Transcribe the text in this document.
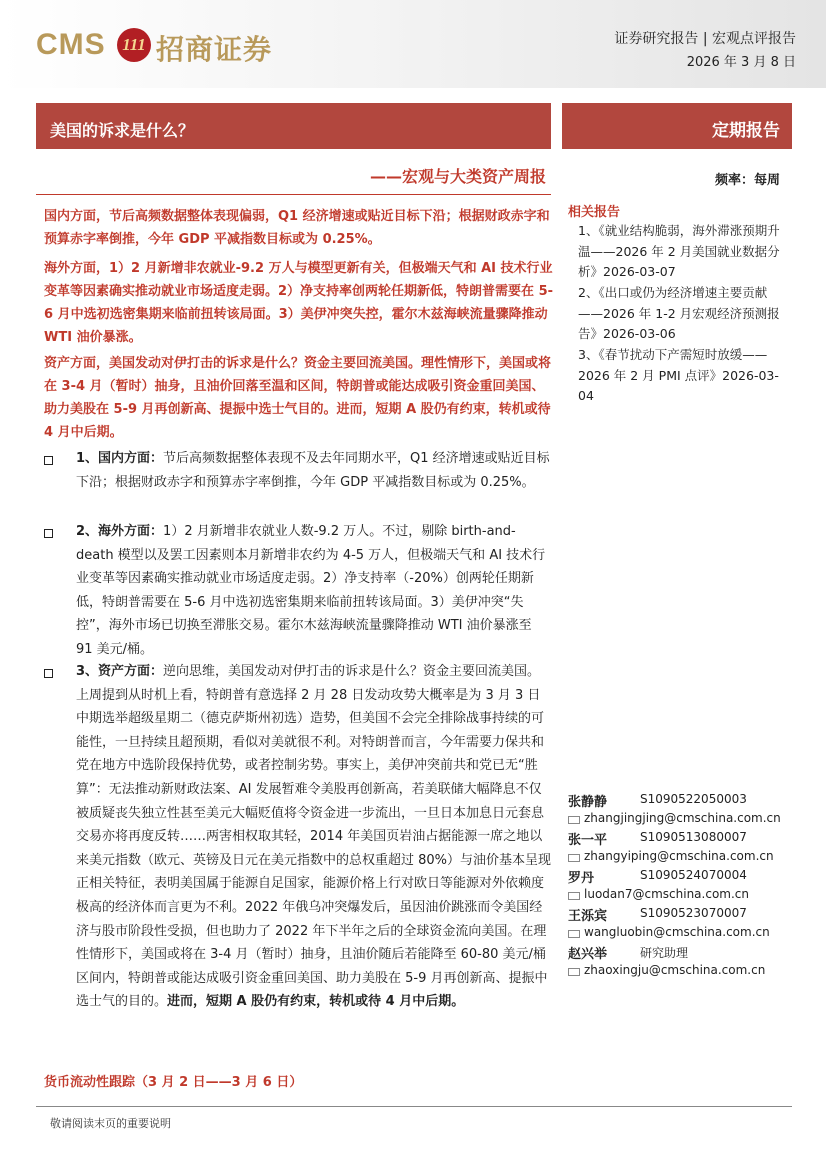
CMS 111 招商证券	证券研究报告 | 宏观点评报告
2026 年 3 月 8 日
美国的诉求是什么？
——宏观与大类资产周报
定期报告
频率：每周

国内方面，节后高频数据整体表现偏弱，Q1 经济增速或贴近目标下沿；根据财政赤字和预算赤字率倒推，今年 GDP 平减指数目标或为 0.25%。

海外方面，1）2 月新增非农就业-9.2 万人与模型更新有关，但极端天气和 AI 技术行业变革等因素确实推动就业市场适度走弱。2）净支持率创两轮任期新低，特朗普需要在 5-6 月中选初选密集期来临前扭转该局面。3）美伊冲突失控，霍尔木兹海峡流量骤降推动 WTI 油价暴涨。

资产方面，美国发动对伊打击的诉求是什么？资金主要回流美国。理性情形下，美国或将在 3-4 月（暂时）抽身，且油价回落至温和区间，特朗普或能达成吸引资金重回美国、助力美股在 5-9 月再创新高、提振中选士气目的。进而，短期 A 股仍有约束，转机或待 4 月中后期。

1、国内方面：节后高频数据整体表现不及去年同期水平，Q1 经济增速或贴近目标下沿；根据财政赤字和预算赤字率倒推，今年 GDP 平减指数目标或为 0.25%。

2、海外方面：1）2 月新增非农就业人数-9.2 万人。不过，剔除 birth-and-death 模型以及罢工因素则本月新增非农约为 4-5 万人，但极端天气和 AI 技术行业变革等因素确实推动就业市场适度走弱。2）净支持率（-20%）创两轮任期新低，特朗普需要在 5-6 月中选初选密集期来临前扭转该局面。3）美伊冲突“失控”，海外市场已切换至滞胀交易。霍尔木兹海峡流量骤降推动 WTI 油价暴涨至 91 美元/桶。

3、资产方面：逆向思维，美国发动对伊打击的诉求是什么？资金主要回流美国。上周提到从时机上看，特朗普有意选择 2 月 28 日发动攻势大概率是为 3 月 3 日中期选举超级星期二（德克萨斯州初选）造势，但美国不会完全排除战事持续的可能性，一旦持续且超预期，看似对美就很不利。对特朗普而言，今年需要力保共和党在地方中选阶段保持优势，或者控制劣势。事实上，美伊冲突前共和党已无“胜算”：无法推动新财政法案、AI 发展暂难令美股再创新高，若美联储大幅降息不仅被质疑丧失独立性甚至美元大幅贬值将令资金进一步流出，一旦日本加息日元套息交易亦将再度反转……两害相权取其轻，2014 年美国页岩油占据能源一席之地以来美元指数（欧元、英镑及日元在美元指数中的总权重超过 80%）与油价基本呈现正相关特征，表明美国属于能源自足国家，能源价格上行对欧日等能源对外依赖度极高的经济体而言更为不利。2022 年俄乌冲突爆发后，虽因油价跳涨而令美国经济与股市阶段性受损，但也助力了 2022 年下半年之后的全球资金流向美国。在理性情形下，美国或将在 3-4 月（暂时）抽身，且油价随后若能降至 60-80 美元/桶区间内，特朗普或能达成吸引资金重回美国、助力美股在 5-9 月再创新高、提振中选士气的目的。进而，短期 A 股仍有约束，转机或待 4 月中后期。

相关报告

1、《就业结构脆弱，海外滞涨预期升温——2026 年 2 月美国就业数据分析》2026-03-07

2、《出口或仍为经济增速主要贡献——2026 年 1-2 月宏观经济预测报告》2026-03-06

3、《春节扰动下产需短时放缓——2026 年 2 月 PMI 点评》2026-03-04

张静静	S1090522050003
zhangjingjing@cmschina.com.cn
张一平	S1090513080007
zhangyiping@cmschina.com.cn
罗丹	S1090524070004
luodan7@cmschina.com.cn
王泺宾	S1090523070007
wangluobin@cmschina.com.cn
赵兴举	研究助理
zhaoxingju@cmschina.com.cn
货币流动性跟踪（3 月 2 日——3 月 6 日）
敬请阅读末页的重要说明
